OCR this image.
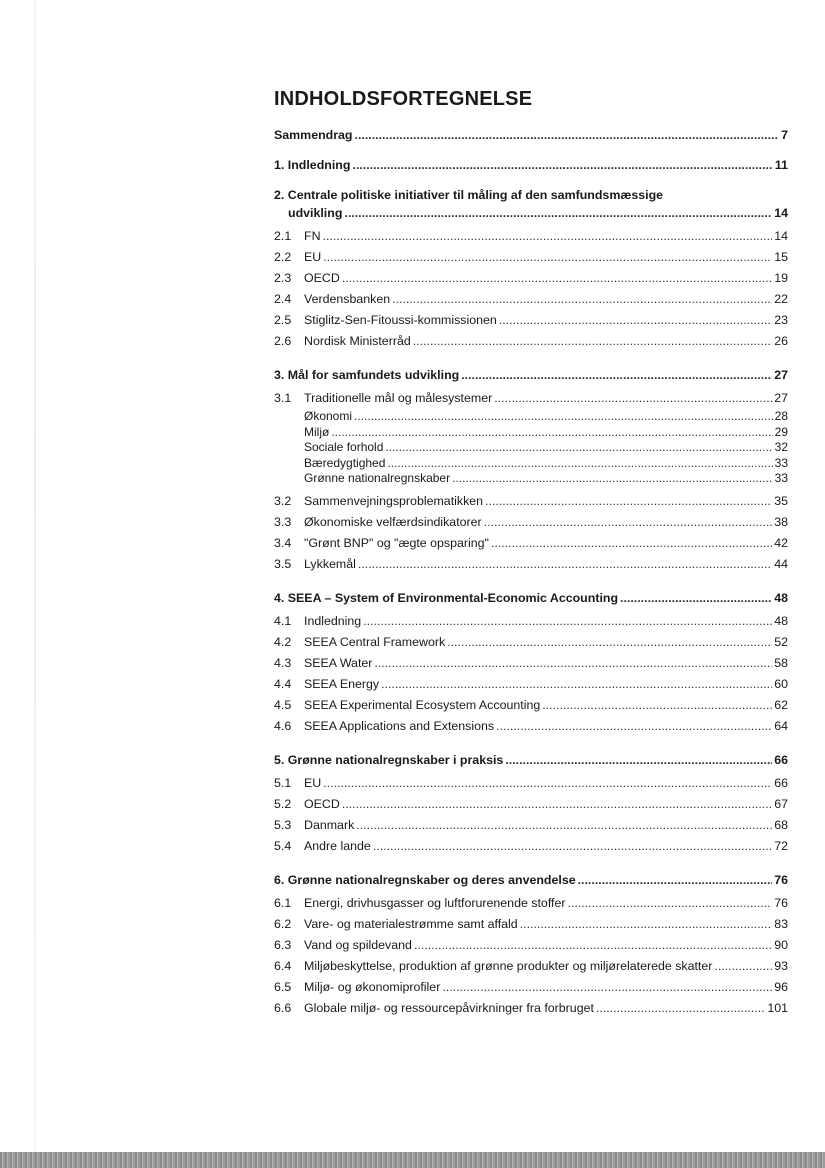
INDHOLDSFORTEGNELSE
Sammendrag .....	7
1. Indledning .....	11
2. Centrale politiske initiativer til måling af den samfundsmæssige
udvikling .....	14
2.1	FN .....	14
2.2	EU .....	15
2.3	OECD .....	19
2.4	Verdensbanken .....	22
2.5	Stiglitz-Sen-Fitoussi-kommissionen .....	23
2.6	Nordisk Ministerråd .....	26
3. Mål for samfundets udvikling .....	27
3.1	Traditionelle mål og målesystemer .....	27
Økonomi .....	28
Miljø .....	29
Sociale forhold .....	32
Bæredygtighed .....	33
Grønne nationalregnskaber .....	33
3.2	Sammenvejningsproblematikken .....	35
3.3	Økonomiske velfærdsindikatorer .....	38
3.4	"Grønt BNP" og "ægte opsparing" .....	42
3.5	Lykkemål .....	44
4. SEEA – System of Environmental-Economic Accounting .....	48
4.1	Indledning .....	48
4.2	SEEA Central Framework .....	52
4.3	SEEA Water .....	58
4.4	SEEA Energy .....	60
4.5	SEEA Experimental Ecosystem Accounting .....	62
4.6	SEEA Applications and Extensions .....	64
5. Grønne nationalregnskaber i praksis .....	66
5.1	EU .....	66
5.2	OECD .....	67
5.3	Danmark .....	68
5.4	Andre lande .....	72
6. Grønne nationalregnskaber og deres anvendelse .....	76
6.1	Energi, drivhusgasser og luftforurenende stoffer .....	76
6.2	Vare- og materialestrømme samt affald .....	83
6.3	Vand og spildevand .....	90
6.4	Miljøbeskyttelse, produktion af grønne produkter og miljørelaterede skatter .....	93
6.5	Miljø- og økonomiprofiler .....	96
6.6	Globale miljø- og ressourcepåvirkninger fra forbruget .....	101
